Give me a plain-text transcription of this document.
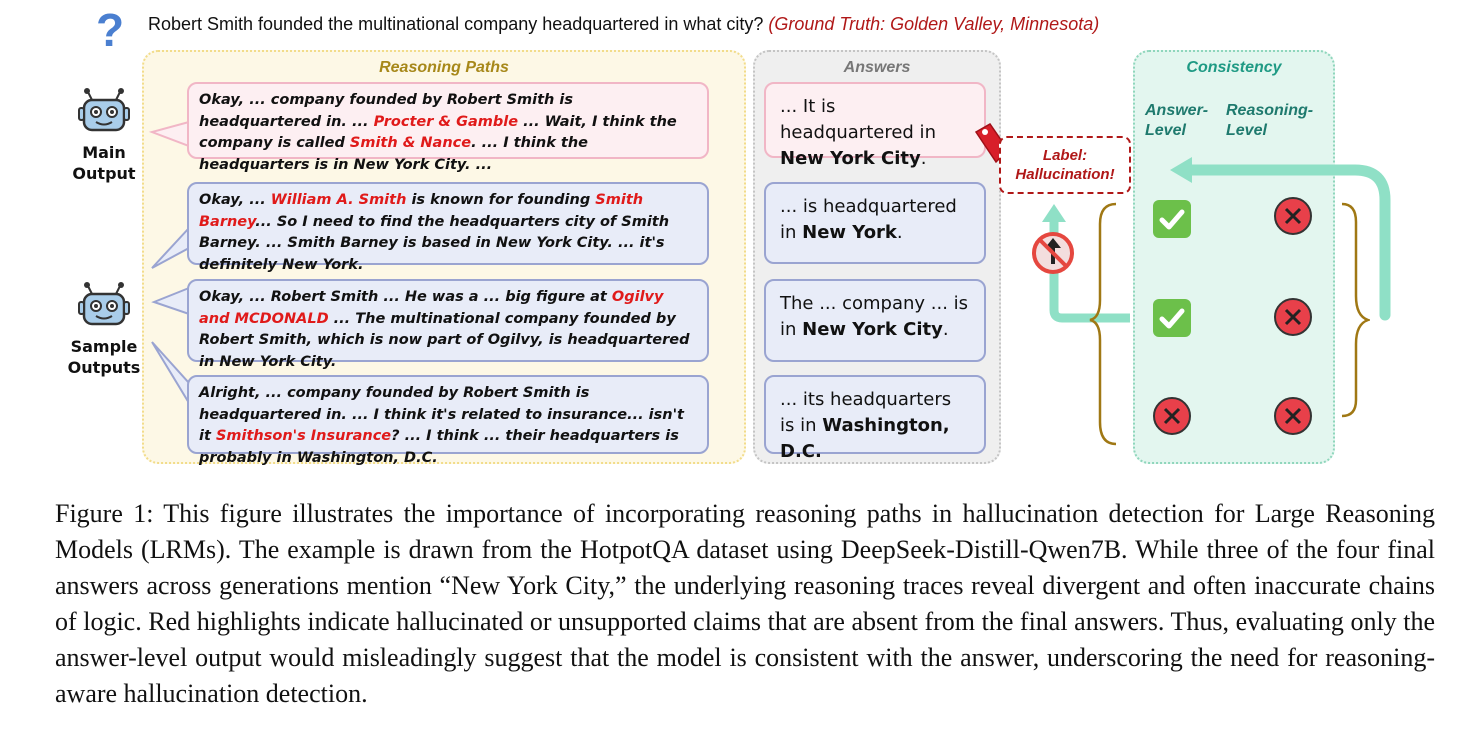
? Robert Smith founded the multinational company headquartered in what city? (Ground Truth: Golden Valley, Minnesota)
Reasoning Paths	Answers	Consistency
Main
Output
Sample
Outputs
Okay, ... company founded by Robert Smith is headquartered in. ... Procter & Gamble ... Wait, I think the company is called Smith & Nance. ... I think the headquarters is in New York City. ...
Okay, ... William A. Smith is known for founding Smith Barney... So I need to find the headquarters city of Smith Barney. ... Smith Barney is based in New York City. ... it's definitely New York.
Okay, ... Robert Smith ... He was a ... big figure at Ogilvy and MCDONALD ... The multinational company founded by Robert Smith, which is now part of Ogilvy, is headquartered in New York City.
Alright, ... company founded by Robert Smith is headquartered in. ... I think it's related to insurance... isn't it Smithson's Insurance? ... I think ... their headquarters is probably in Washington, D.C.
... It is headquartered in New York City.
... is headquartered in New York.
The ... company ... is in New York City.
... its headquarters is in Washington, D.C.
Label:
Hallucination!
Answer-
Level
Reasoning-
Level
Figure 1: This figure illustrates the importance of incorporating reasoning paths in hallucination detection for Large Reasoning Models (LRMs). The example is drawn from the HotpotQA dataset using DeepSeek-Distill-Qwen7B. While three of the four final answers across generations mention “New York City,” the underlying reasoning traces reveal divergent and often inaccurate chains of logic. Red highlights indicate hallucinated or unsupported claims that are absent from the final answers. Thus, evaluating only the answer-level output would misleadingly suggest that the model is consistent with the answer, underscoring the need for reasoning-aware hallucination detection.
